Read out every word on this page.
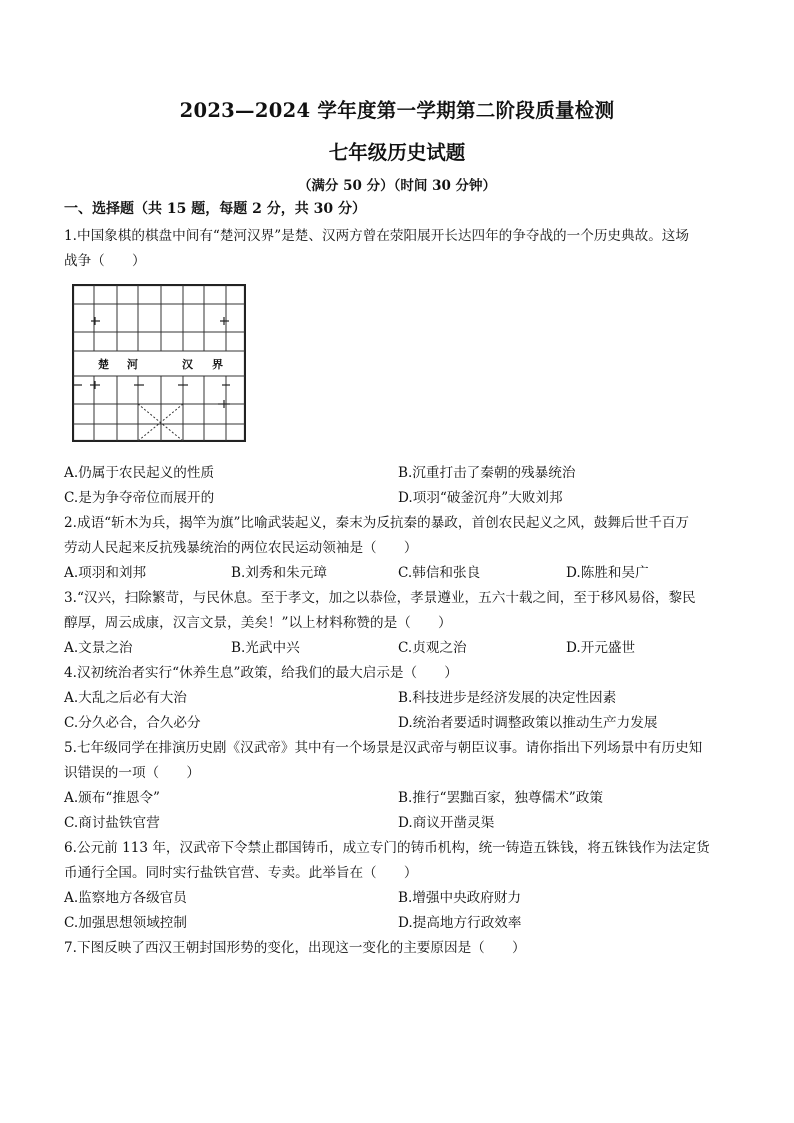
2023—2024 学年度第一学期第二阶段质量检测
七年级历史试题
（满分 50 分）（时间 30 分钟）
一、选择题（共 15 题，每题 2 分，共 30 分）
1.中国象棋的棋盘中间有“楚河汉界”是楚、汉两方曾在荥阳展开长达四年的争夺战的一个历史典故。这场
战争（　　）
楚 河	汉 界
A.仍属于农民起义的性质	B.沉重打击了秦朝的残暴统治
C.是为争夺帝位而展开的	D.项羽“破釜沉舟”大败刘邦
2.成语“斩木为兵，揭竿为旗”比喻武装起义，秦末为反抗秦的暴政，首创农民起义之风，鼓舞后世千百万
劳动人民起来反抗残暴统治的两位农民运动领袖是（　　）
A.项羽和刘邦	B.刘秀和朱元璋	C.韩信和张良	D.陈胜和吴广
3.“汉兴，扫除繁苛，与民休息。至于孝文，加之以恭俭，孝景遵业，五六十载之间，至于移风易俗，黎民
醇厚，周云成康，汉言文景，美矣！”以上材料称赞的是（　　）
A.文景之治	B.光武中兴	C.贞观之治	D.开元盛世
4.汉初统治者实行“休养生息”政策，给我们的最大启示是（　　）
A.大乱之后必有大治	B.科技进步是经济发展的决定性因素
C.分久必合，合久必分	D.统治者要适时调整政策以推动生产力发展
5.七年级同学在排演历史剧《汉武帝》其中有一个场景是汉武帝与朝臣议事。请你指出下列场景中有历史知
识错误的一项（　　）
A.颁布“推恩令”	B.推行“罢黜百家，独尊儒术”政策
C.商讨盐铁官营	D.商议开凿灵渠
6.公元前 113 年，汉武帝下令禁止郡国铸币，成立专门的铸币机构，统一铸造五铢钱，将五铢钱作为法定货
币通行全国。同时实行盐铁官营、专卖。此举旨在（　　）
A.监察地方各级官员	B.增强中央政府财力
C.加强思想领域控制	D.提高地方行政效率
7.下图反映了西汉王朝封国形势的变化，出现这一变化的主要原因是（　　）
